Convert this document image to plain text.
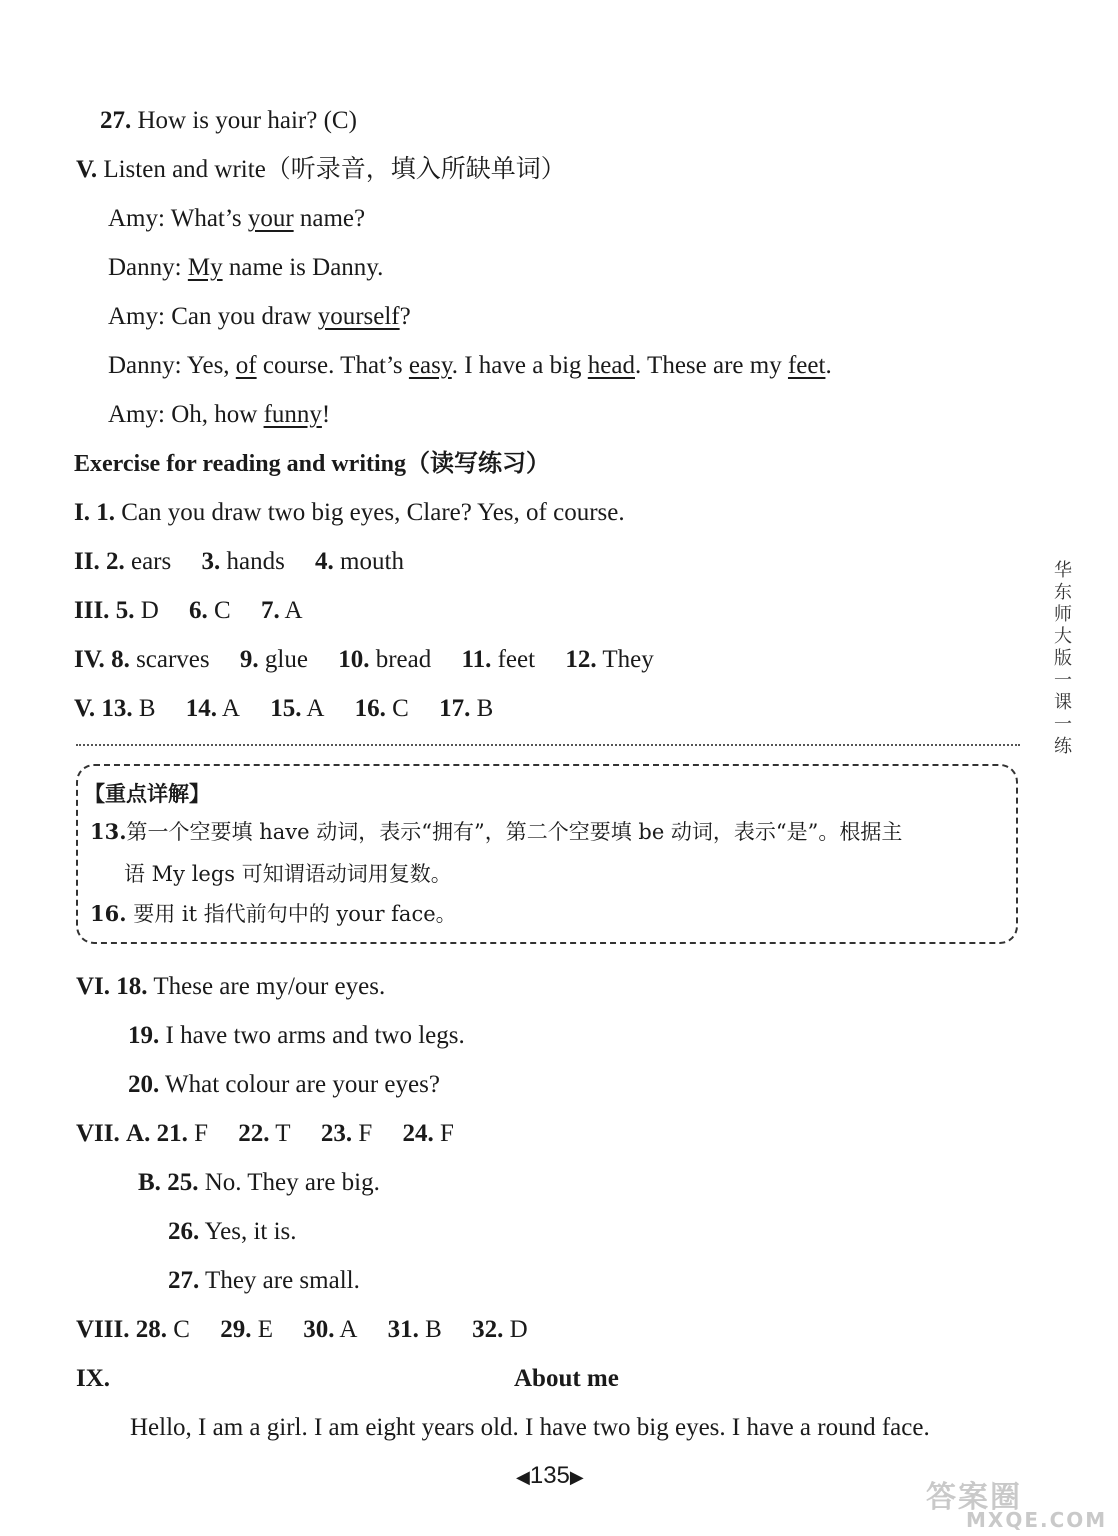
27. How is your hair? (C)
V. Listen and write（听录音，填入所缺单词）
Amy: What’s your name?
Danny: My name is Danny.
Amy: Can you draw yourself?
Danny: Yes, of course. That’s easy. I have a big head. These are my feet.
Amy: Oh, how funny!
Exercise for reading and writing（读写练习）
I. 1. Can you draw two big eyes, Clare? Yes, of course.
II. 2. ears 3. hands 4. mouth
III. 5. D 6. C 7. A
IV. 8. scarves 9. glue 10. bread 11. feet 12. They
V. 13. B 14. A 15. A 16. C 17. B
【重点详解】
13.第一个空要填 have 动词，表示“拥有”，第二个空要填 be 动词，表示“是”。根据主
语 My legs 可知谓语动词用复数。
16. 要用 it 指代前句中的 your face。
VI. 18. These are my/our eyes.
19. I have two arms and two legs.
20. What colour are your eyes?
VII. A. 21. F 22. T 23. F 24. F
B. 25. No. They are big.
26. Yes, it is.
27. They are small.
VIII. 28. C 29. E 30. A 31. B 32. D
IX.	About me
Hello, I am a girl. I am eight years old. I have two big eyes. I have a round face.
华东师大版一课一练
◀135▶
答案圈
MXQE.COM
